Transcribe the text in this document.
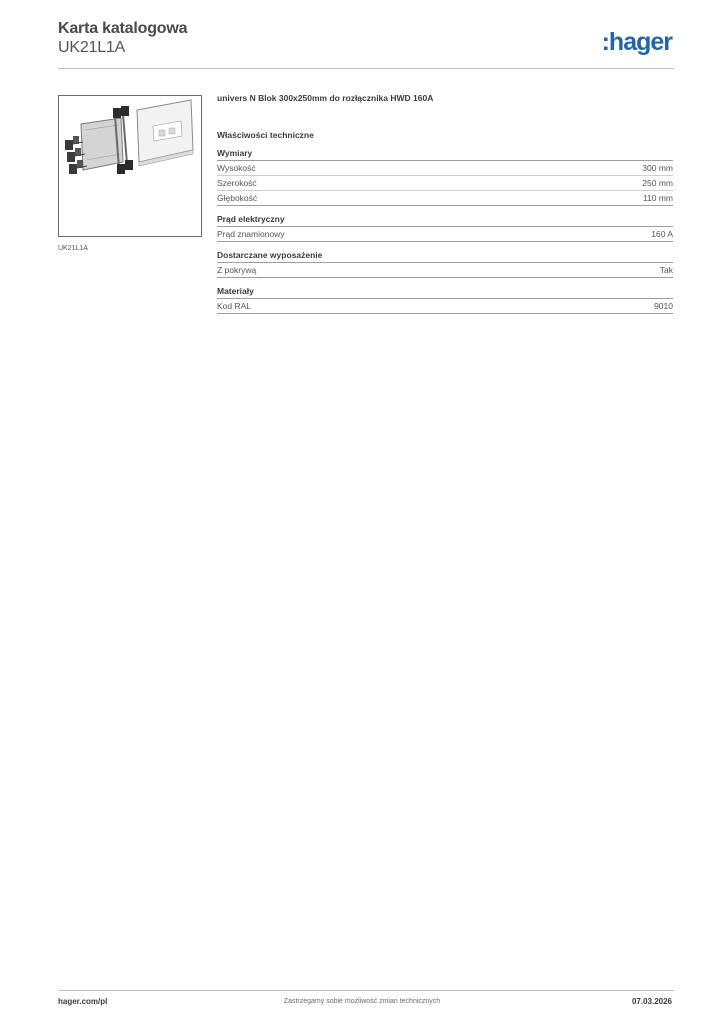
Karta katalogowa
UK21L1A	:hager
UK21L1A
univers N Blok 300x250mm do rozłącznika HWD 160A
Właściwości techniczne
Wymiary
Wysokość	300 mm
Szerokość	250 mm
Głębokość	110 mm
Prąd elektryczny
Prąd znamionowy	160 A
Dostarczane wyposażenie
Z pokrywą	Tak
Materiały
Kod RAL	9010
hager.com/pl	Zastrzegamy sobie możliwość zmian technicznych	07.03.2026
